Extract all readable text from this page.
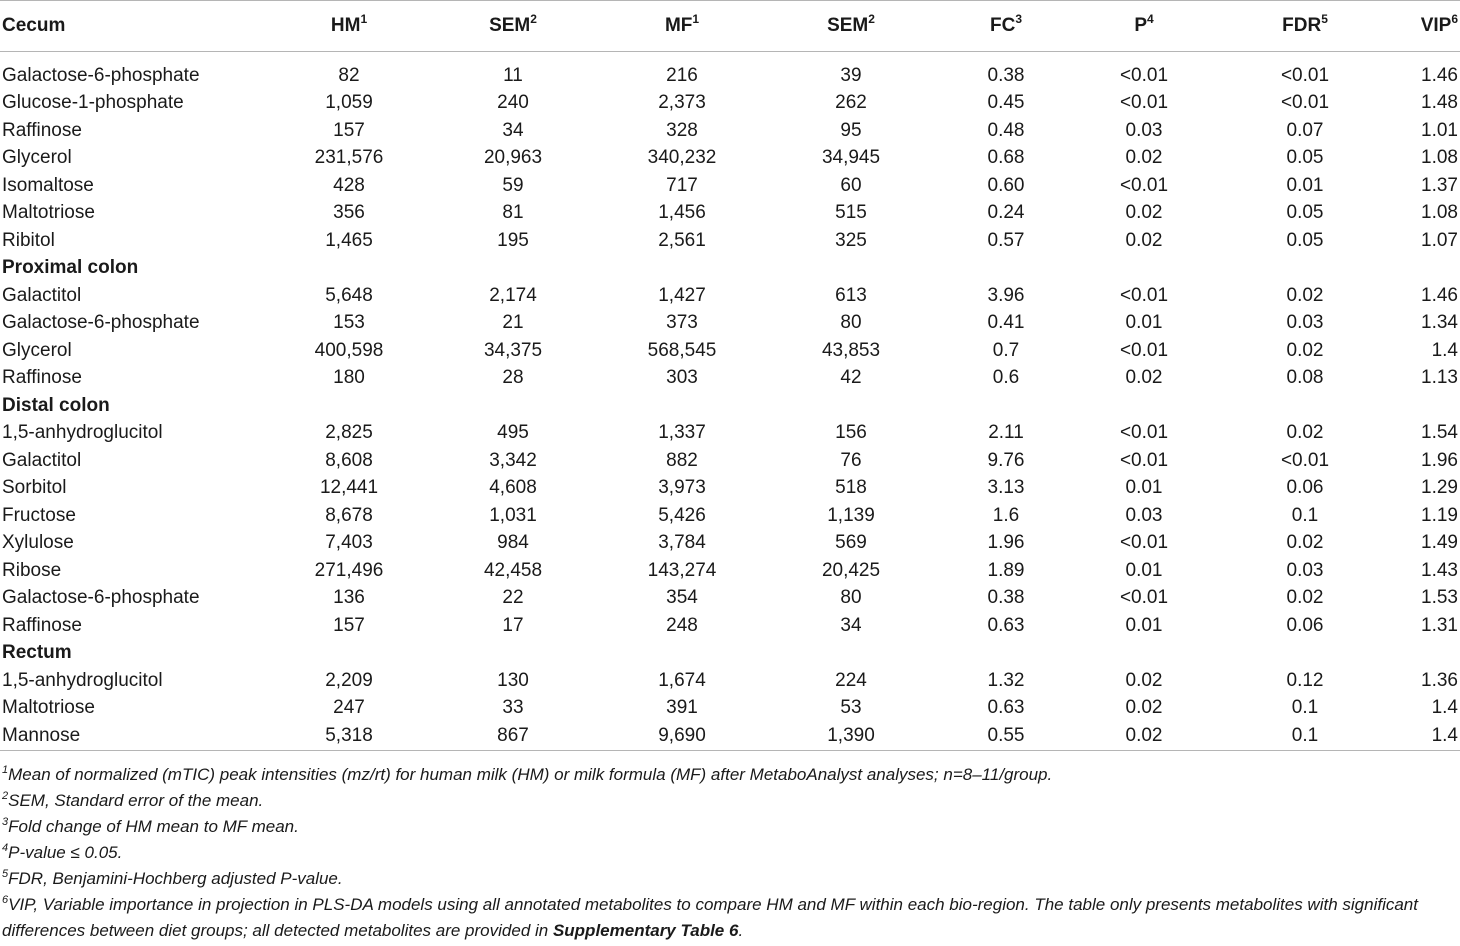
Cecum	$HM^1$	SEM$^2$	$MF^1$	SEM$^2$	$FC^3$	$P^4$	FDR$^5$	VIP$^6$

Galactose-6-phosphate	82	11	216	39	0.38	<0.01	<0.01	1.46
Glucose-1-phosphate	1,059	240	2,373	262	0.45	<0.01	<0.01	1.48
Raffinose	157	34	328	95	0.48	0.03	0.07	1.01
Glycerol	231,576	20,963	340,232	34,945	0.68	0.02	0.05	1.08
Isomaltose	428	59	717	60	0.60	<0.01	0.01	1.37
Maltotriose	356	81	1,456	515	0.24	0.02	0.05	1.08
Ribitol	1,465	195	2,561	325	0.57	0.02	0.05	1.07
Proximal colon								
Galactitol	5,648	2,174	1,427	613	3.96	<0.01	0.02	1.46
Galactose-6-phosphate	153	21	373	80	0.41	0.01	0.03	1.34
Glycerol	400,598	34,375	568,545	43,853	0.7	<0.01	0.02	1.4
Raffinose	180	28	303	42	0.6	0.02	0.08	1.13
Distal colon								
1,5-anhydroglucitol	2,825	495	1,337	156	2.11	<0.01	0.02	1.54
Galactitol	8,608	3,342	882	76	9.76	<0.01	<0.01	1.96
Sorbitol	12,441	4,608	3,973	518	3.13	0.01	0.06	1.29
Fructose	8,678	1,031	5,426	1,139	1.6	0.03	0.1	1.19
Xylulose	7,403	984	3,784	569	1.96	<0.01	0.02	1.49
Ribose	271,496	42,458	143,274	20,425	1.89	0.01	0.03	1.43
Galactose-6-phosphate	136	22	354	80	0.38	<0.01	0.02	1.53
Raffinose	157	17	248	34	0.63	0.01	0.06	1.31
Rectum								
1,5-anhydroglucitol	2,209	130	1,674	224	1.32	0.02	0.12	1.36
Maltotriose	247	33	391	53	0.63	0.02	0.1	1.4
Mannose	5,318	867	9,690	1,390	0.55	0.02	0.1	1.4

$^1$Mean of normalized (mTIC) peak intensities (mz/rt) for human milk (HM) or milk formula (MF) after MetaboAnalyst analyses; n=8–11/group.

$^2$SEM, Standard error of the mean.

$^3$Fold change of HM mean to MF mean.

$^4$P-value ≤ 0.05.

$^5$FDR, Benjamini-Hochberg adjusted P-value.

$^6$VIP, Variable importance in projection in PLS-DA models using all annotated metabolites to compare HM and MF within each bio-region. The table only presents metabolites with significant differences between diet groups; all detected metabolites are provided in Supplementary Table 6.
